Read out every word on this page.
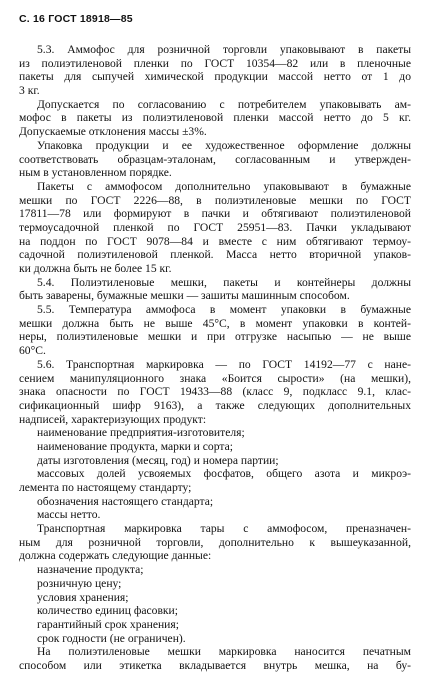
С. 16 ГОСТ 18918—85
5.3. Аммофос для розничной торговли упаковывают в пакеты
из полиэтиленовой пленки по ГОСТ 10354—82 или в пленочные
пакеты для сыпучей химической продукции массой нетто от 1 до
3 кг.
Допускается по согласованию с потребителем упаковывать ам-
мофос в пакеты из полиэтиленовой пленки массой нетто до 5 кг.
Допускаемые отклонения массы ±3%.
Упаковка продукции и ее художественное оформление должны
соответствовать образцам-эталонам, согласованным и утвержден-
ным в установленном порядке.
Пакеты с аммофосом дополнительно упаковывают в бумажные
мешки по ГОСТ 2226—88, в полиэтиленовые мешки по ГОСТ
17811—78 или формируют в пачки и обтягивают полиэтиленовой
термоусадочной пленкой по ГОСТ 25951—83. Пачки укладывают
на поддон по ГОСТ 9078—84 и вместе с ним обтягивают термоу-
садочной полиэтиленовой пленкой. Масса нетто вторичной упаков-
ки должна быть не более 15 кг.
5.4. Полиэтиленовые мешки, пакеты и контейнеры должны
быть заварены, бумажные мешки — зашиты машинным способом.
5.5. Температура аммофоса в момент упаковки в бумажные
мешки должна быть не выше 45°С, в момент упаковки в контей-
неры, полиэтиленовые мешки и при отгрузке насыпью — не выше
60°С.
5.6. Транспортная маркировка — по ГОСТ 14192—77 с нане-
сением манипуляционного знака «Боится сырости» (на мешки),
знака опасности по ГОСТ 19433—88 (класс 9, подкласс 9.1, клас-
сификационный шифр 9163), а также следующих дополнительных
надписей, характеризующих продукт:
наименование предприятия-изготовителя;
наименование продукта, марки и сорта;
даты изготовления (месяц, год) и номера партии;
массовых долей усвояемых фосфатов, общего азота и микроэ-
лемента по настоящему стандарту;
обозначения настоящего стандарта;
массы нетто.
Транспортная маркировка тары с аммофосом, преназначен-
ным для розничной торговли, дополнительно к вышеуказанной,
должна содержать следующие данные:
назначение продукта;
розничную цену;
условия хранения;
количество единиц фасовки;
гарантийный срок хранения;
срок годности (не ограничен).
На полиэтиленовые мешки маркировка наносится печатным
способом или этикетка вкладывается внутрь мешка, на бу-
